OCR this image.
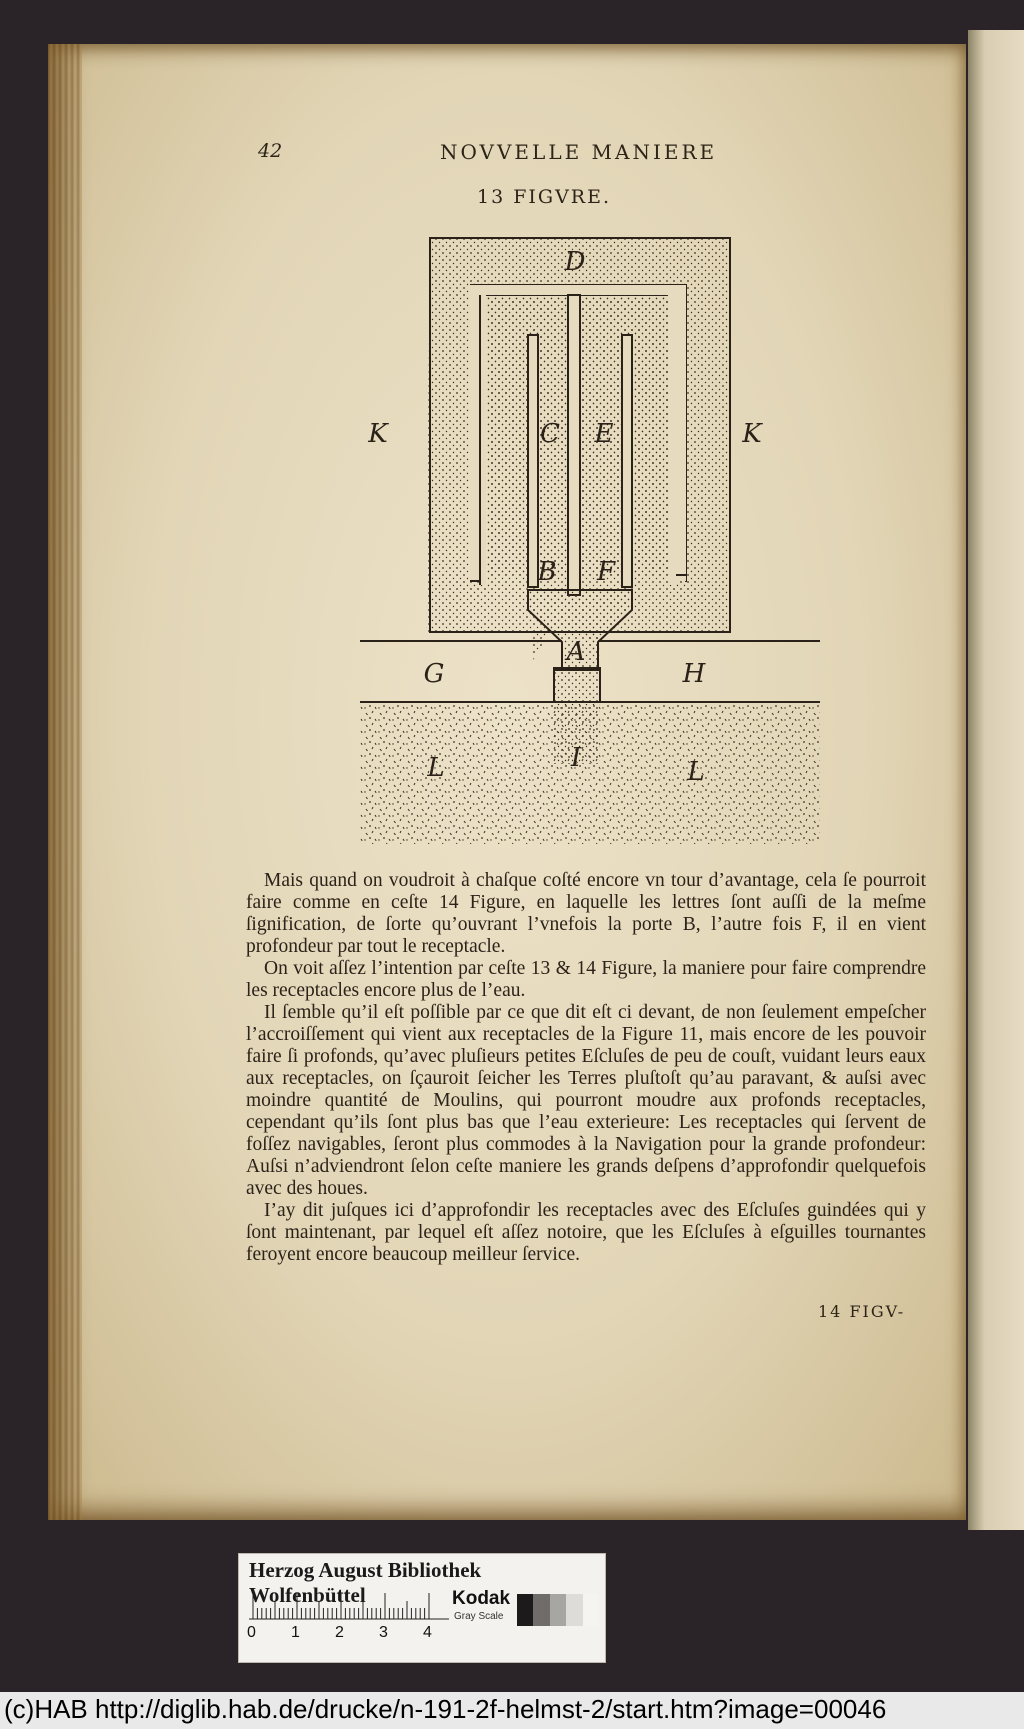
42	NOVVELLE MANIERE
13 FIGVRE.
D
K	K
C E
B F
A
G	H
L	I	L

Mais quand on voudroit à chaſque coſté encore vn tour d’avantage, cela ſe pourroit faire comme en ceſte 14 Figure, en laquelle les lettres ſont auſſi de la meſme ſignification, de ſorte qu’ouvrant l’vnefois la porte B, l’autre fois F, il en vient profondeur par tout le receptacle.

On voit aſſez l’intention par ceſte 13 & 14 Figure, la maniere pour faire comprendre les receptacles encore plus de l’eau.

Il ſemble qu’il eſt poſſible par ce que dit eſt ci devant, de non ſeulement empeſcher l’accroiſſement qui vient aux receptacles de la Figure 11, mais encore de les pouvoir faire ſi profonds, qu’avec pluſieurs petites Eſcluſes de peu de couſt, vuidant leurs eaux aux receptacles, on ſçauroit ſeicher les Terres pluſtoſt qu’au paravant, & auſsi avec moindre quantité de Moulins, qui pourront moudre aux profonds receptacles, cependant qu’ils ſont plus bas que l’eau exterieure: Les receptacles qui ſervent de foſſez navigables, ſeront plus commodes à la Navigation pour la grande profondeur: Auſsi n’adviendront ſelon ceſte maniere les grands deſpens d’approfondir quelquefois avec des houes.

I’ay dit juſques ici d’approfondir les receptacles avec des Eſcluſes guindées qui y ſont maintenant, par lequel eſt aſſez notoire, que les Eſcluſes à eſguilles tournantes feroyent encore beaucoup meilleur ſervice.

14 FIGV-
Herzog August Bibliothek Wolfenbüttel
0 1 2 3 4
Kodak
Gray Scale
(c)HAB http://diglib.hab.de/drucke/n-191-2f-helmst-2/start.htm?image=00046
